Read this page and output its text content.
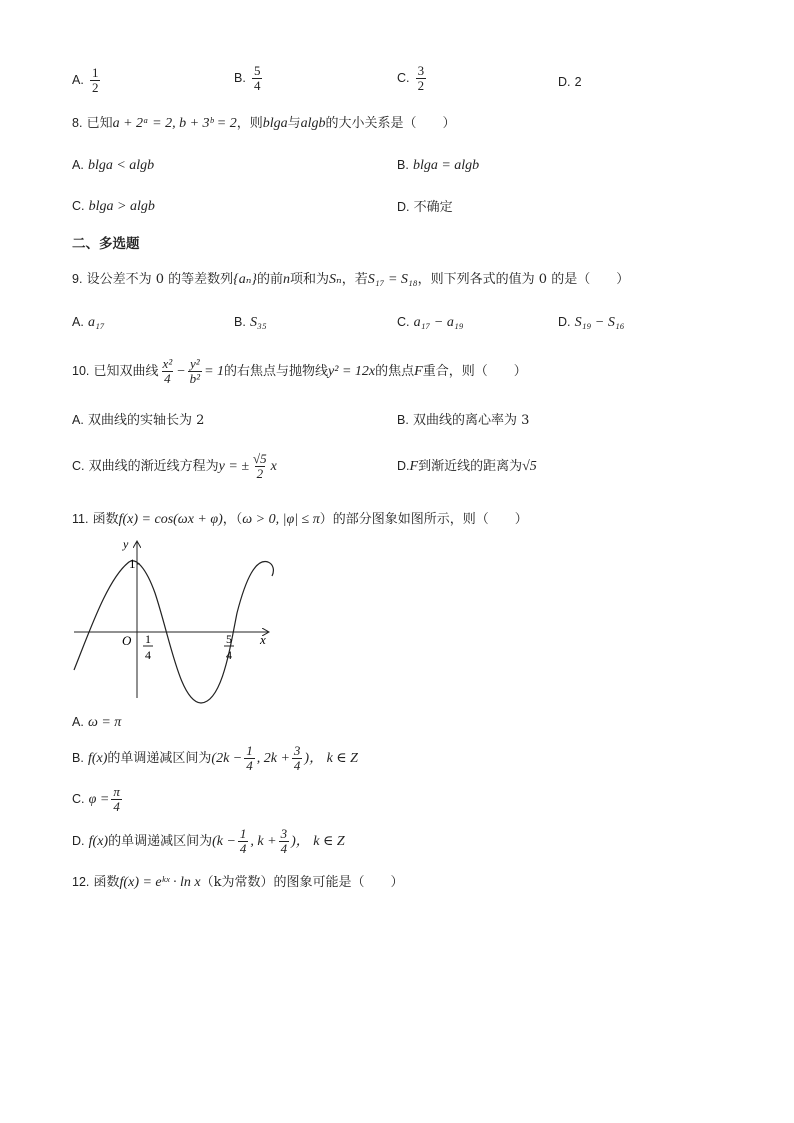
A. $\frac{1}{2}$	B. $\frac{5}{4}$	C. $\frac{3}{2}$	D. 2
8. 已知a + 2ᵃ = 2, b + 3ᵇ = 2，则blga与algb的大小关系是（　　）
A. blga < algb	B. blga = algb
C. blga > algb	D. 不确定
二、多选题
9. 设公差不为 0 的等差数列{aₙ}的前n项和为Sₙ，若S₁₇ = S₁₈，则下列各式的值为 0 的是（　　）
A. a₁₇	B. S₃₅	C. a₁₇ − a₁₉	D. S₁₉ − S₁₆
10. 已知双曲线 $\frac{\text{x²}}{4} - \frac{\text{y²}}{\text{b²}} = 1$的右焦点与抛物线y² = 12x的焦点F重合，则（　　）
A. 双曲线的实轴长为 2	B. 双曲线的离心率为 3
C. 双曲线的渐近线方程为y = ± $\frac{√5}{2}$ x	D.F到渐近线的距离为√5
11. 函数f(x) = cos(ωx + φ)，（ω > 0, |φ| ≤ π）的部分图象如图所示，则（　　）
y
x
O
1
1
4
5
4
A. ω = π
B. f(x)的单调递减区间为($2k - \frac{1}{4}$ , $2k + \frac{3}{4}$ )， k ∈ Z
C. $\varphi = \frac{\pi}{4}$
D. f(x)的单调递减区间为($k - \frac{1}{4}$ , $k + \frac{3}{4}$ )， k ∈ Z
12. 函数f(x) = eᵏˣ · ln x（k为常数）的图象可能是（　　）
